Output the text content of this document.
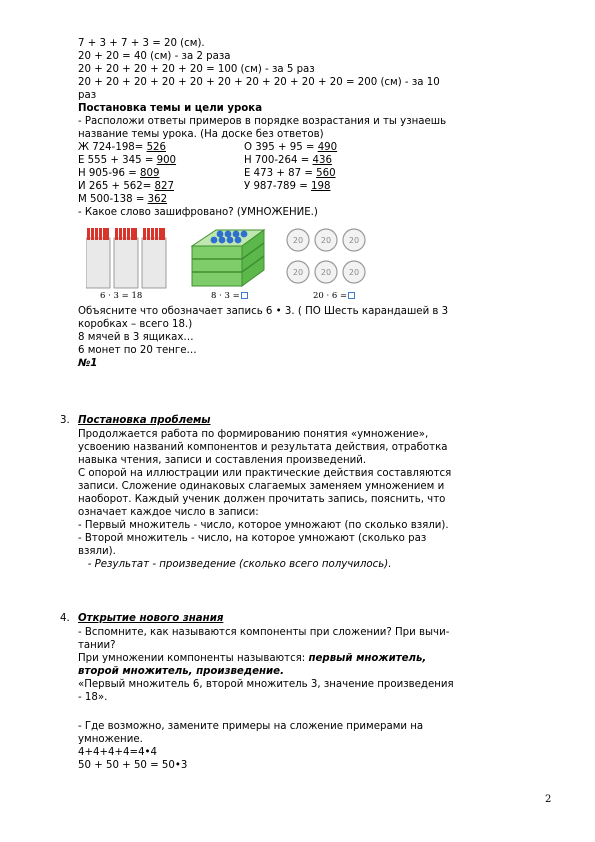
7 + 3 + 7 + 3 = 20 (см).
20 + 20 = 40 (см) - за 2 раза
20 + 20 + 20 + 20 + 20 = 100 (см) - за 5 раз
20 + 20 + 20 + 20 + 20 + 20 + 20 + 20 + 20 + 20 = 200 (см) - за 10
раз
Постановка темы и цели урока
- Расположи ответы примеров в порядке возрастания и ты узнаешь
название темы урока. (На доске без ответов)
Ж 724-198= 526	О 395 + 95 = 490
Е 555 + 345 = 900	Н 700-264 = 436
Н 905-96 = 809	Е 473 + 87 = 560
И 265 + 562= 827	У 987-789 = 198
М 500-138 = 362
- Какое слово зашифровано? (УМНОЖЕНИЕ.)
6 · 3 = 18	8 · 3 =
20 20 20
20 20 20
20 · 6 =
Объясните что обозначает запись 6 • 3. ( ПО Шесть карандашей в 3
коробках – всего 18.)
8 мячей в 3 ящиках…
6 монет по 20 тенге…
№1
3. Постановка проблемы
Продолжается работа по формированию понятия «умножение»,
усвоению названий компонентов и результата действия, отработка
навыка чтения, записи и составления произведений.
С опорой на иллюстрации или практические действия составляются
записи. Сложение одинаковых слагаемых заменяем умножением и
наоборот. Каждый ученик должен прочитать запись, пояснить, что
означает каждое число в записи:
- Первый множитель - число, которое умножают (по сколько взяли).
- Второй множитель - число, на которое умножают (сколько раз
взяли).
- Результат - произведение (сколько всего получилось).
4. Открытие нового знания
- Вспомните, как называются компоненты при сложении? При вычи-
тании?
При умножении компоненты называются: первый множитель,
второй множитель, произведение.
«Первый множитель 6, второй множитель 3, значение произведения
- 18».
- Где возможно, замените примеры на сложение примерами на
умножение.
4+4+4+4=4•4
50 + 50 + 50 = 50•3
2
